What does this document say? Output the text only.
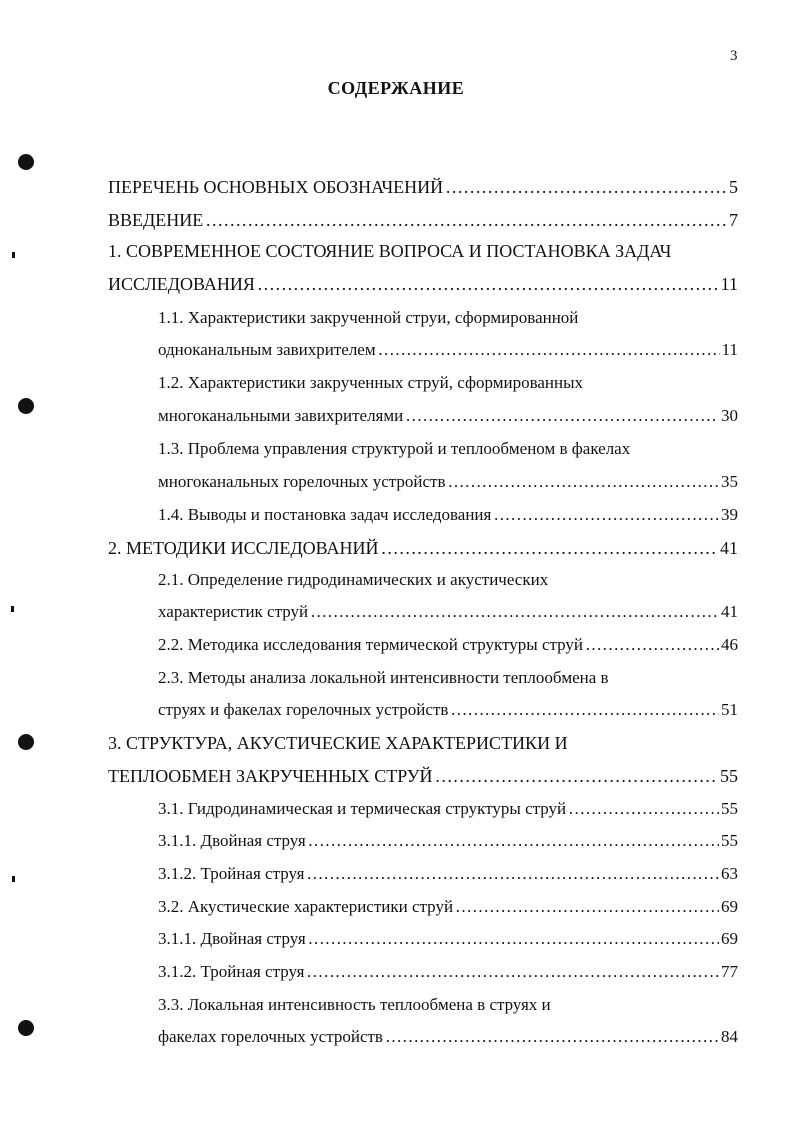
3
СОДЕРЖАНИЕ
ПЕРЕЧЕНЬ ОСНОВНЫХ ОБОЗНАЧЕНИЙ ……………………………………………………………………………………………………………………………………………………	5
ВВЕДЕНИЕ ……………………………………………………………………………………………………………………………………………………	7
1. СОВРЕМЕННОЕ СОСТОЯНИЕ ВОПРОСА И ПОСТАНОВКА ЗАДАЧ
ИССЛЕДОВАНИЯ ……………………………………………………………………………………………………………………………………………………	11
1.1. Характеристики закрученной струи, сформированной
одноканальным завихрителем ……………………………………………………………………………………………………………………………………………………	11
1.2. Характеристики закрученных струй, сформированных
многоканальными завихрителями ……………………………………………………………………………………………………………………………………………………	30
1.3. Проблема управления структурой и теплообменом в факелах
многоканальных горелочных устройств ……………………………………………………………………………………………………………………………………………………	35
1.4. Выводы и постановка задач исследования ……………………………………………………………………………………………………………………………………………………	39
2. МЕТОДИКИ ИССЛЕДОВАНИЙ ……………………………………………………………………………………………………………………………………………………	41
2.1. Определение гидродинамических и акустических
характеристик струй ……………………………………………………………………………………………………………………………………………………	41
2.2. Методика исследования термической структуры струй ……………………………………………………………………………………………………………………………………………………	46
2.3. Методы анализа локальной интенсивности теплообмена в
струях и факелах горелочных устройств ……………………………………………………………………………………………………………………………………………………	51
3. СТРУКТУРА, АКУСТИЧЕСКИЕ ХАРАКТЕРИСТИКИ И
ТЕПЛООБМЕН ЗАКРУЧЕННЫХ СТРУЙ ……………………………………………………………………………………………………………………………………………………	55
3.1. Гидродинамическая и термическая структуры струй ……………………………………………………………………………………………………………………………………………………	55
3.1.1. Двойная струя ……………………………………………………………………………………………………………………………………………………	55
3.1.2. Тройная струя ……………………………………………………………………………………………………………………………………………………	63
3.2. Акустические характеристики струй ……………………………………………………………………………………………………………………………………………………	69
3.1.1. Двойная струя ……………………………………………………………………………………………………………………………………………………	69
3.1.2. Тройная струя ……………………………………………………………………………………………………………………………………………………	77
3.3. Локальная интенсивность теплообмена в струях и
факелах горелочных устройств ……………………………………………………………………………………………………………………………………………………	84
